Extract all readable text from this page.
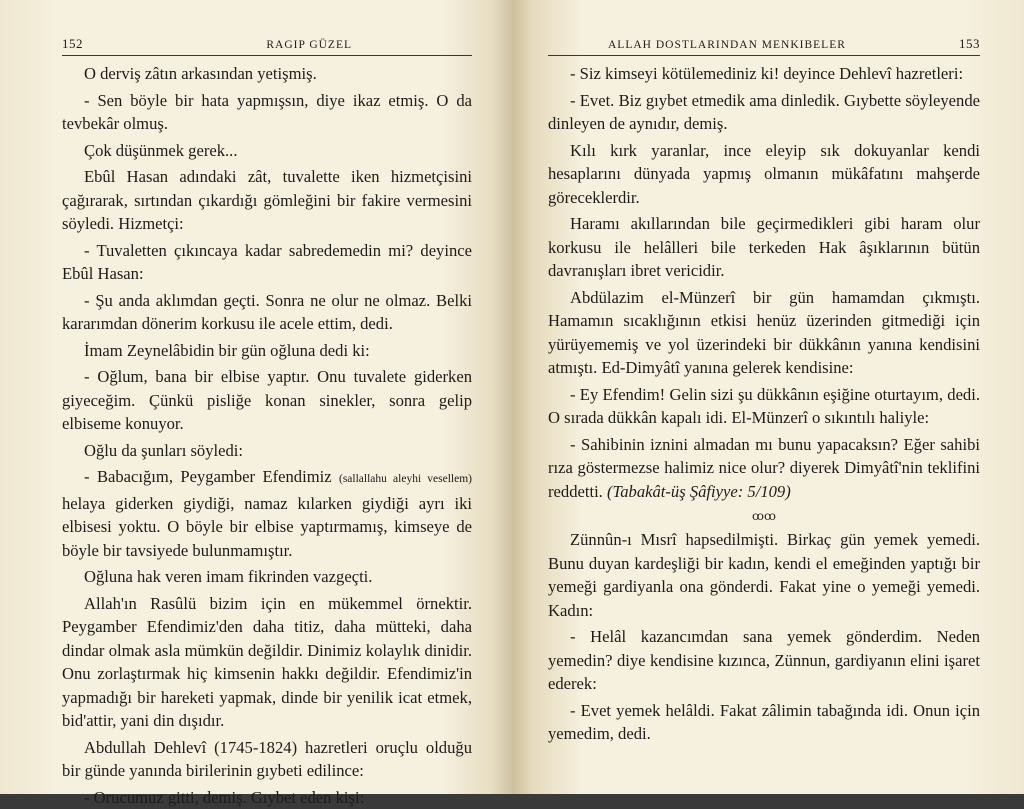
152	RAGIP GÜZEL

O derviş zâtın arkasından yetişmiş.

- Sen böyle bir hata yapmışsın, diye ikaz etmiş. O da tevbekâr olmuş.

Çok düşünmek gerek...

Ebûl Hasan adındaki zât, tuvalette iken hizmetçisini çağırarak, sırtından çıkardığı gömleğini bir fakire vermesini söyledi. Hizmetçi:

- Tuvaletten çıkıncaya kadar sabredemedin mi? deyince Ebûl Hasan:

- Şu anda aklımdan geçti. Sonra ne olur ne olmaz. Belki kararımdan dönerim korkusu ile acele ettim, dedi.

İmam Zeynelâbidin bir gün oğluna dedi ki:

- Oğlum, bana bir elbise yaptır. Onu tuvalete giderken giyeceğim. Çünkü pisliğe konan sinekler, sonra gelip elbiseme konuyor.

Oğlu da şunları söyledi:

- Babacığım, Peygamber Efendimiz (sallallahu aleyhi vesellem) helaya giderken giydiği, namaz kılarken giydiği ayrı iki elbisesi yoktu. O böyle bir elbise yaptırmamış, kimseye de böyle bir tavsiyede bulunmamıştır.

Oğluna hak veren imam fikrinden vazgeçti.

Allah'ın Rasûlü bizim için en mükemmel örnektir. Peygamber Efendimiz'den daha titiz, daha mütteki, daha dindar olmak asla mümkün değildir. Dinimiz kolaylık dinidir. Onu zorlaştırmak hiç kimsenin hakkı değildir. Efendimiz'in yapmadığı bir hareketi yapmak, dinde bir yenilik icat etmek, bid'attir, yani din dışıdır.

Abdullah Dehlevî (1745-1824) hazretleri oruçlu olduğu bir günde yanında birilerinin gıybeti edilince:

- Orucumuz gitti, demiş. Gıybet eden kişi:

ALLAH DOSTLARINDAN MENKIBELER	153

- Siz kimseyi kötülemediniz ki! deyince Dehlevî hazretleri:

- Evet. Biz gıybet etmedik ama dinledik. Gıybette söyleyende dinleyen de aynıdır, demiş.

Kılı kırk yaranlar, ince eleyip sık dokuyanlar kendi hesaplarını dünyada yapmış olmanın mükâfatını mahşerde göreceklerdir.

Haramı akıllarından bile geçirmedikleri gibi haram olur korkusu ile helâlleri bile terkeden Hak âşıklarının bütün davranışları ibret vericidir.

Abdülazim el-Münzerî bir gün hamamdan çıkmıştı. Hamamın sıcaklığının etkisi henüz üzerinden gitmediği için yürüyememiş ve yol üzerindeki bir dükkânın yanına kendisini atmıştı. Ed-Dimyâtî yanına gelerek kendisine:

- Ey Efendim! Gelin sizi şu dükkânın eşiğine oturtayım, dedi. O sırada dükkân kapalı idi. El-Münzerî o sıkıntılı haliyle:

- Sahibinin iznini almadan mı bunu yapacaksın? Eğer sahibi rıza göstermezse halimiz nice olur? diyerek Dimyâtî'nin teklifini reddetti. (Tabakât-üş Şâfiyye: 5/109)

ꝏꝏ

Zünnûn-ı Mısrî hapsedilmişti. Birkaç gün yemek yemedi. Bunu duyan kardeşliği bir kadın, kendi el emeğinden yaptığı bir yemeği gardiyanla ona gönderdi. Fakat yine o yemeği yemedi. Kadın:

- Helâl kazancımdan sana yemek gönderdim. Neden yemedin? diye kendisine kızınca, Zünnun, gardiyanın elini işaret ederek:

- Evet yemek helâldi. Fakat zâlimin tabağında idi. Onun için yemedim, dedi.
